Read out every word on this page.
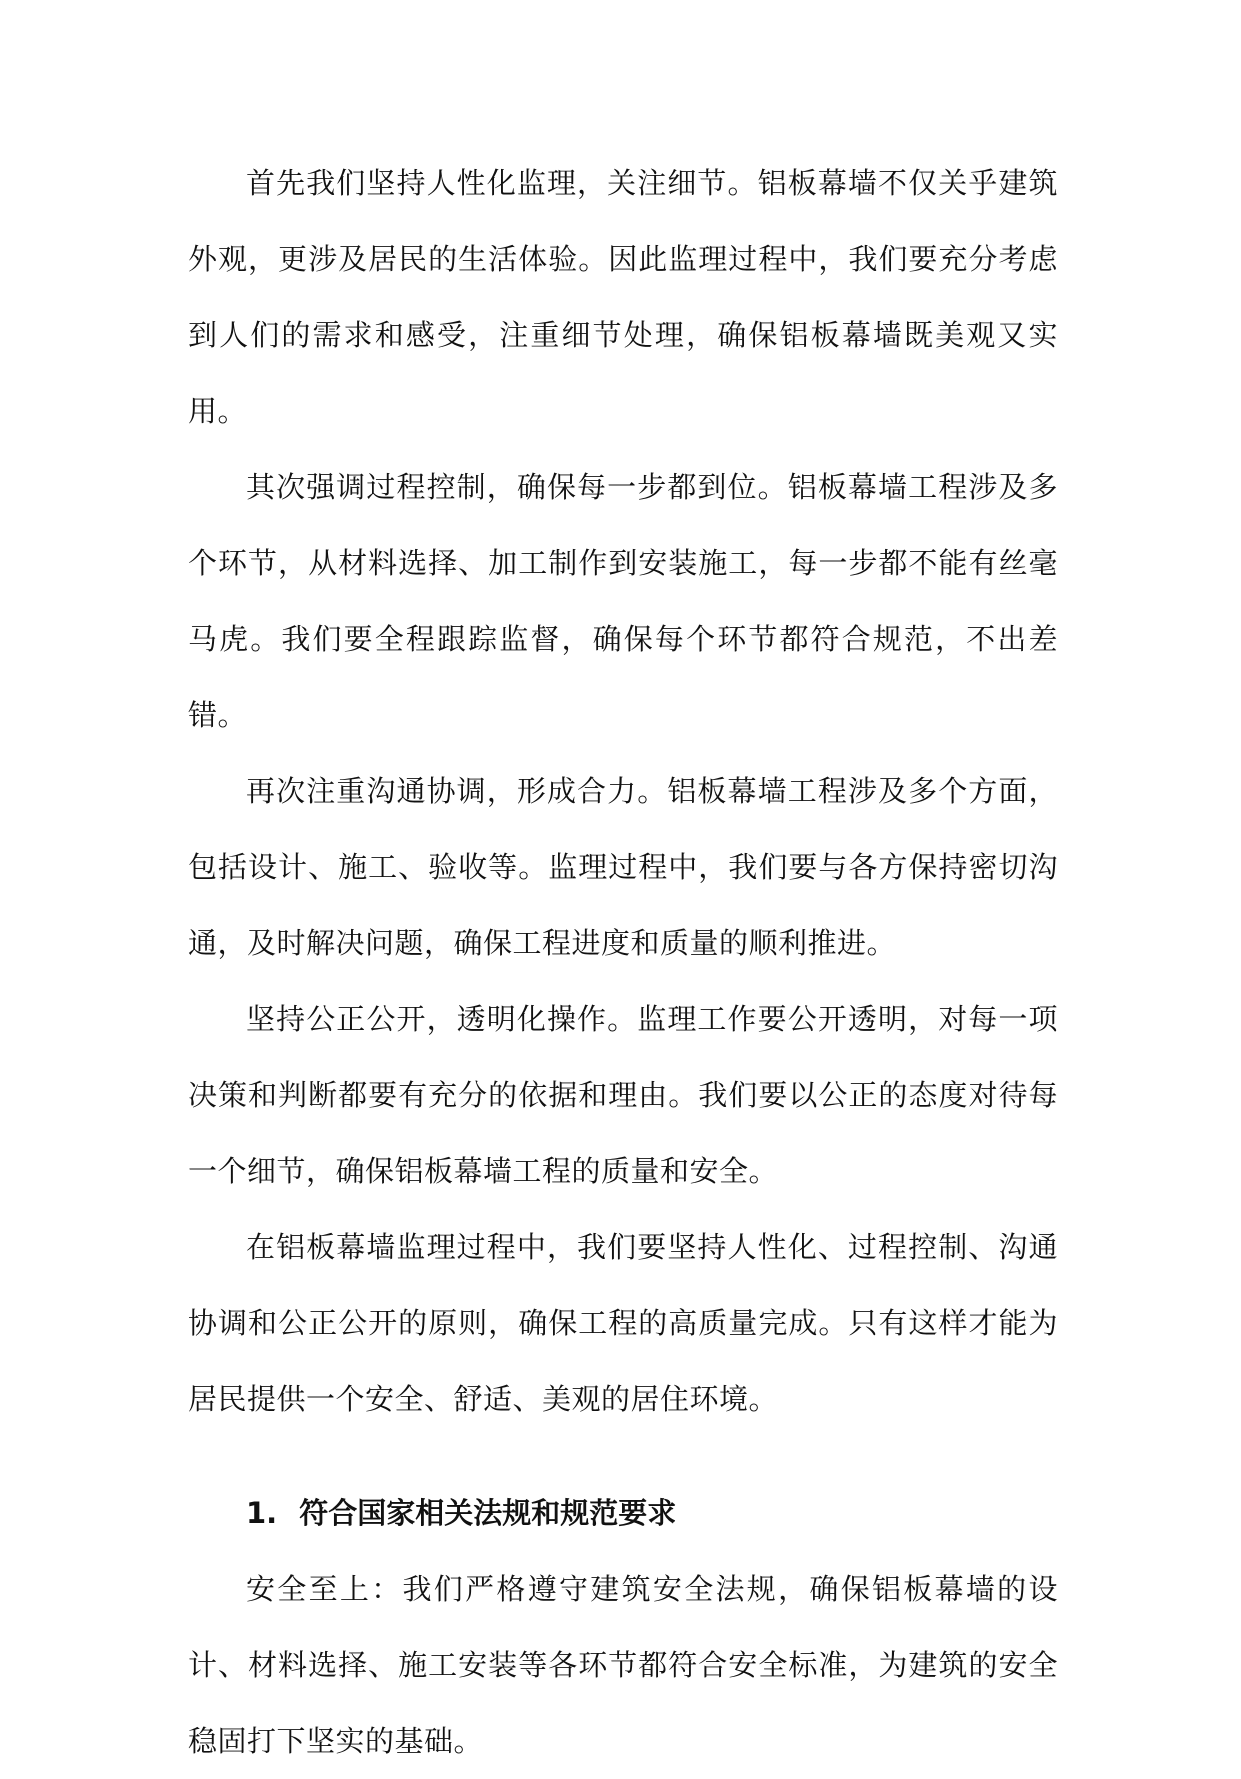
首先我们坚持人性化监理，关注细节。铝板幕墙不仅关乎建筑外观，更涉及居民的生活体验。因此监理过程中，我们要充分考虑到人们的需求和感受，注重细节处理，确保铝板幕墙既美观又实用。

其次强调过程控制，确保每一步都到位。铝板幕墙工程涉及多个环节，从材料选择、加工制作到安装施工，每一步都不能有丝毫马虎。我们要全程跟踪监督，确保每个环节都符合规范，不出差错。

再次注重沟通协调，形成合力。铝板幕墙工程涉及多个方面，包括设计、施工、验收等。监理过程中，我们要与各方保持密切沟通，及时解决问题，确保工程进度和质量的顺利推进。

坚持公正公开，透明化操作。监理工作要公开透明，对每一项决策和判断都要有充分的依据和理由。我们要以公正的态度对待每一个细节，确保铝板幕墙工程的质量和安全。

在铝板幕墙监理过程中，我们要坚持人性化、过程控制、沟通协调和公正公开的原则，确保工程的高质量完成。只有这样才能为居民提供一个安全、舒适、美观的居住环境。

1. 符合国家相关法规和规范要求

安全至上：我们严格遵守建筑安全法规，确保铝板幕墙的设计、材料选择、施工安装等各环节都符合安全标准，为建筑的安全稳固打下坚实的基础。
